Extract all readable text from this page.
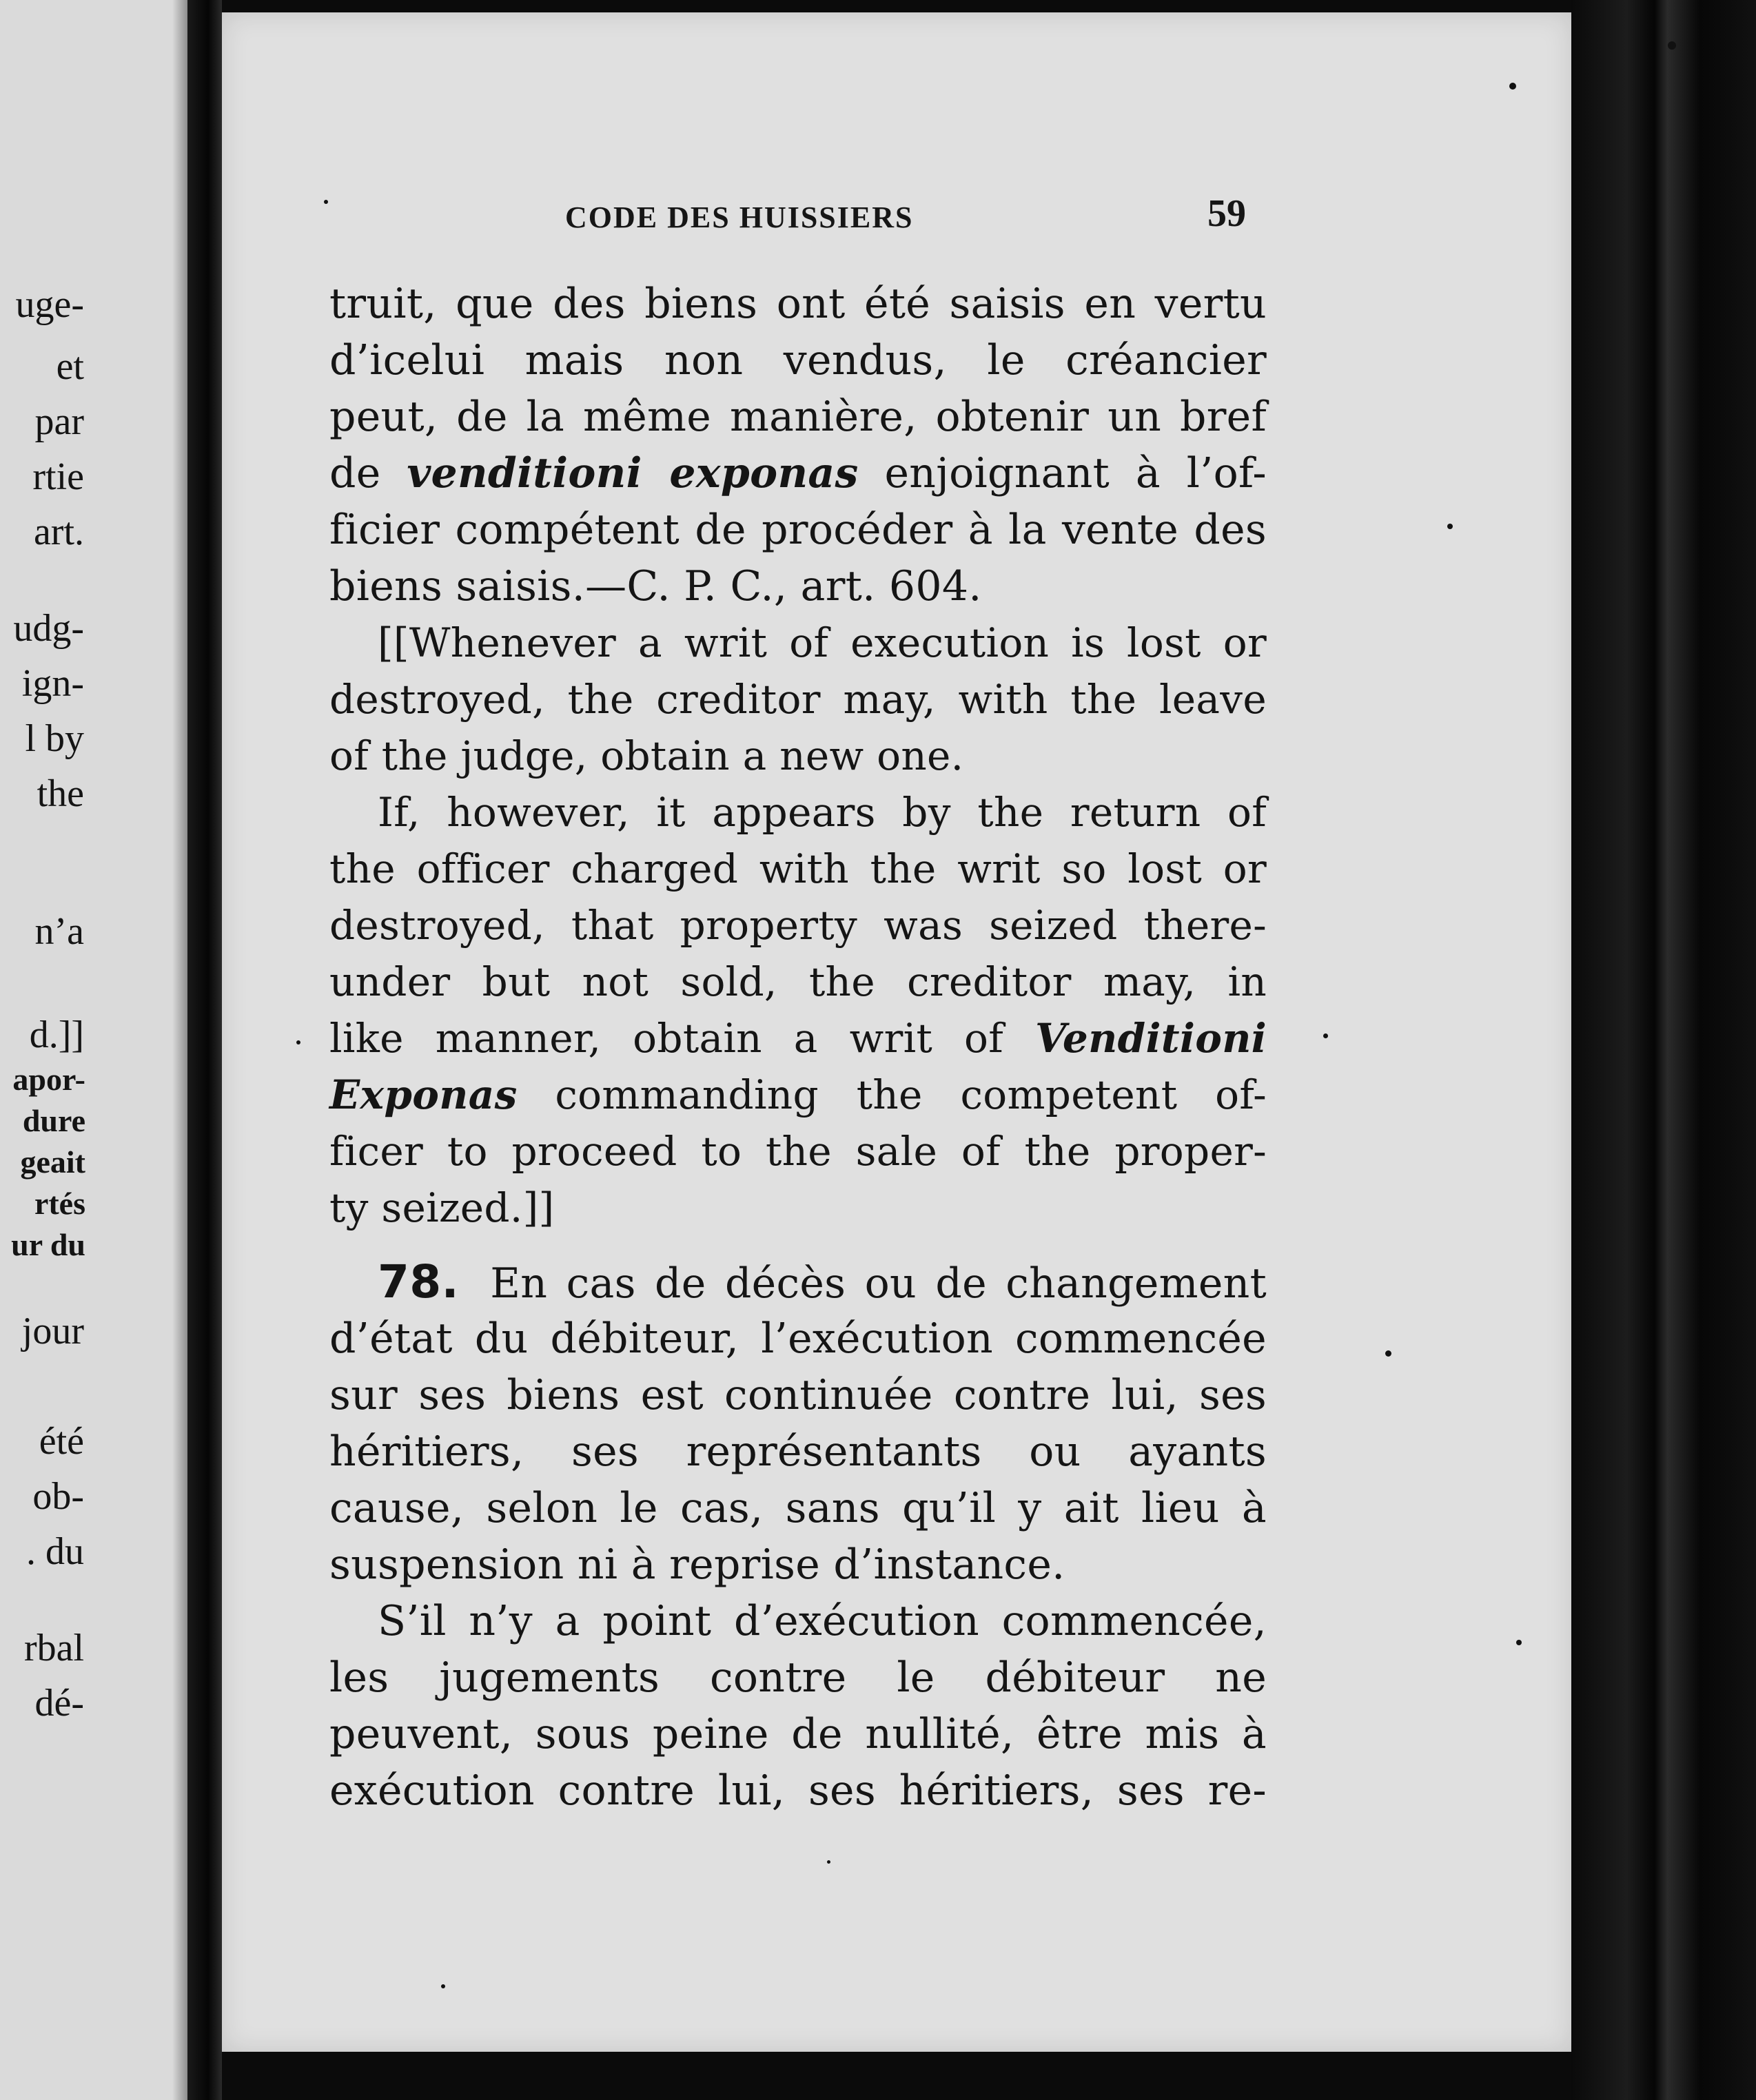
uge-
et
par
rtie
art.
udg-
ign-
l by
the
n’a
d.]]
apor-
dure
geait
rtés
ur du
jour
été
ob-
. du
rbal
dé-
CODE DES HUISSIERS	59
truit, que des biens ont été saisis en vertu
d’icelui mais non vendus, le créancier
peut, de la même manière, obtenir un bref
de venditioni exponas enjoignant à l’of-
ficier compétent de procéder à la vente des
biens saisis.—C. P. C., art. 604.
[[Whenever a writ of execution is lost or
destroyed, the creditor may, with the leave
of the judge, obtain a new one.
If, however, it appears by the return of
the officer charged with the writ so lost or
destroyed, that property was seized there-
under but not sold, the creditor may, in
like manner, obtain a writ of Venditioni
Exponas commanding the competent of-
ficer to proceed to the sale of the proper-
ty seized.]]
78. En cas de décès ou de changement
d’état du débiteur, l’exécution commencée
sur ses biens est continuée contre lui, ses
héritiers, ses représentants ou ayants
cause, selon le cas, sans qu’il y ait lieu à
suspension ni à reprise d’instance.
S’il n’y a point d’exécution commencée,
les jugements contre le débiteur ne
peuvent, sous peine de nullité, être mis à
exécution contre lui, ses héritiers, ses re-
